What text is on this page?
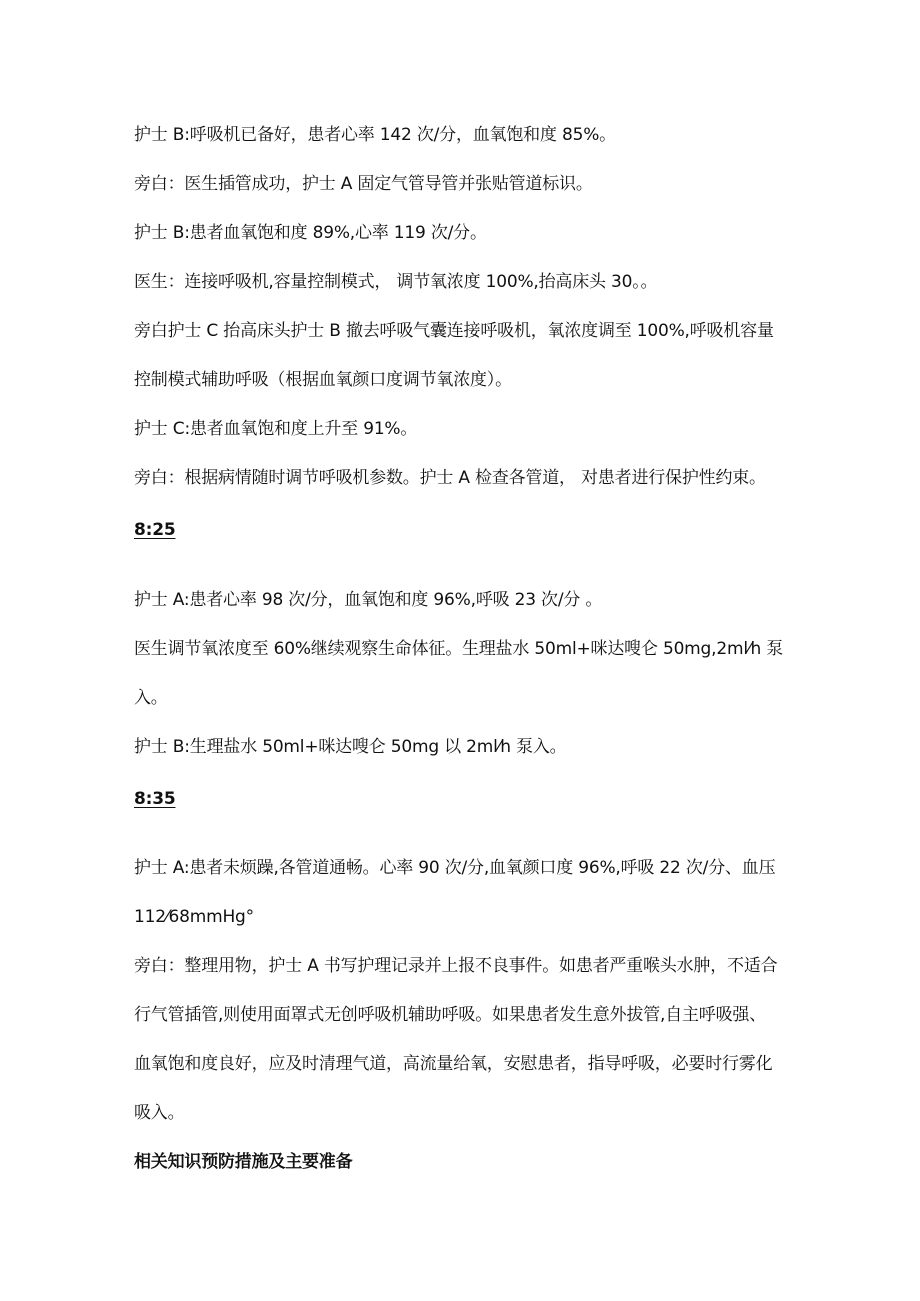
护士 B:呼吸机已备好，患者心率 142 次/分，血氧饱和度 85%。

旁白：医生插管成功，护士 A 固定气管导管并张贴管道标识。

护士 B:患者血氧饱和度 89%,心率 119 次/分。

医生：连接呼吸机,容量控制模式， 调节氧浓度 100%,抬高床头 30。。

旁白护士 C 抬高床头护士 B 撤去呼吸气囊连接呼吸机，氧浓度调至 100%,呼吸机容量

控制模式辅助呼吸（根据血氧颜口度调节氧浓度）。

护士 C:患者血氧饱和度上升至 91%。

旁白：根据病情随时调节呼吸机参数。护士 A 检查各管道， 对患者进行保护性约束。

8:25

护士 A:患者心率 98 次/分，血氧饱和度 96%,呼吸 23 次/分 。

医生调节氧浓度至 60%继续观察生命体征。生理盐水 50ml+咪达嗖仑 50mg,2ml⁄h 泵

入。

护士 B:生理盐水 50ml+咪达嗖仑 50mg 以 2ml⁄h 泵入。

8:35

护士 A:患者未烦躁,各管道通畅。心率 90 次/分,血氧颜口度 96%,呼吸 22 次/分、血压

112⁄68mmHg°

旁白：整理用物，护士 A 书写护理记录并上报不良事件。如患者严重喉头水肿，不适合

行气管插管,则使用面罩式无创呼吸机辅助呼吸。如果患者发生意外拔管,自主呼吸强、

血氧饱和度良好，应及时清理气道，高流量给氧，安慰患者，指导呼吸，必要时行雾化

吸入。

相关知识预防措施及主要准备
